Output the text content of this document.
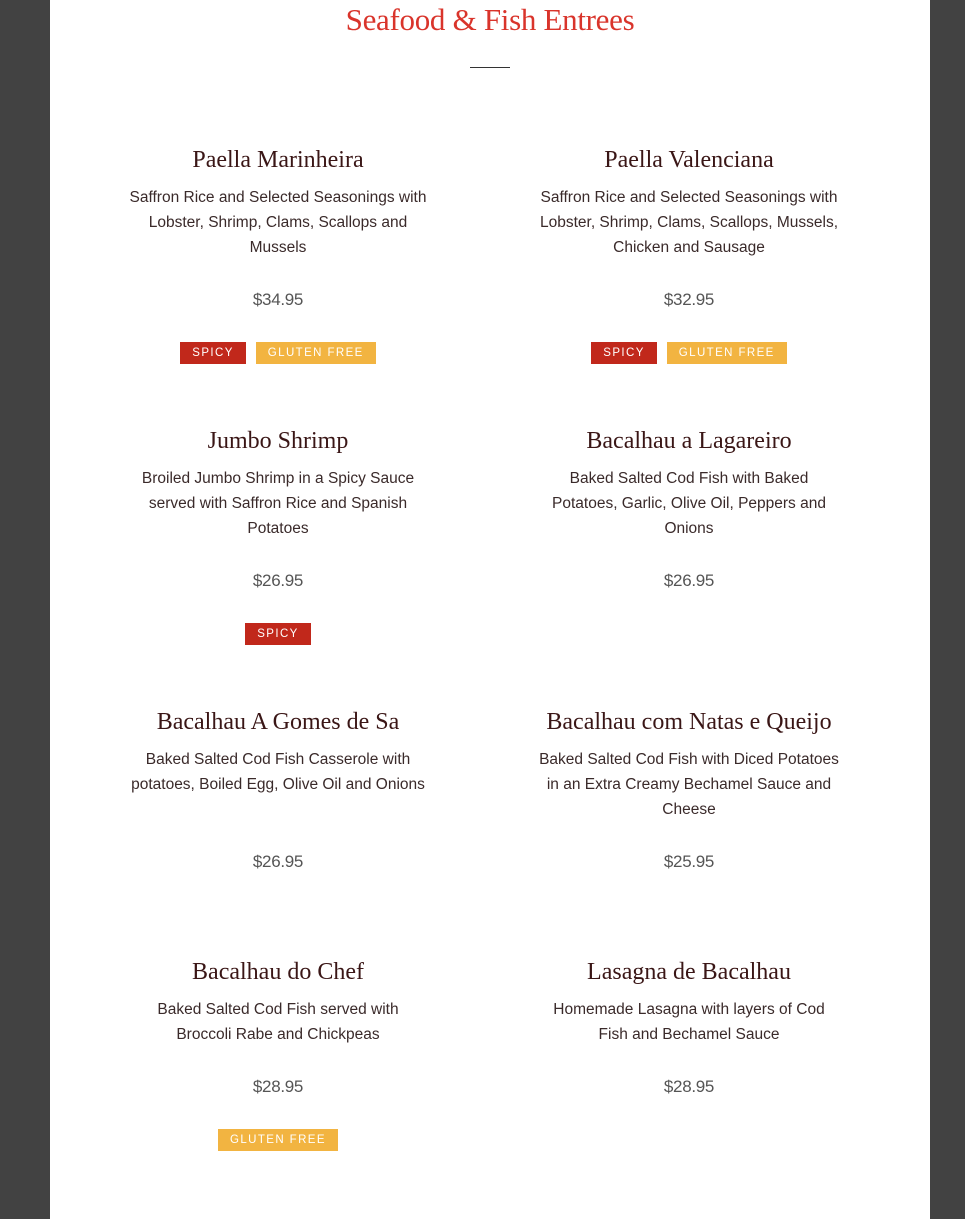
Seafood & Fish Entrees
Paella Marinheira

Saffron Rice and Selected Seasonings with Lobster, Shrimp, Clams, Scallops and Mussels

$34.95
SPICY	GLUTEN FREE
Paella Valenciana

Saffron Rice and Selected Seasonings with Lobster, Shrimp, Clams, Scallops, Mussels, Chicken and Sausage

$32.95
SPICY	GLUTEN FREE
Jumbo Shrimp

Broiled Jumbo Shrimp in a Spicy Sauce served with Saffron Rice and Spanish Potatoes

$26.95
SPICY
Bacalhau a Lagareiro

Baked Salted Cod Fish with Baked Potatoes, Garlic, Olive Oil, Peppers and Onions

$26.95
Bacalhau A Gomes de Sa

Baked Salted Cod Fish Casserole with potatoes, Boiled Egg, Olive Oil and Onions

$26.95
Bacalhau com Natas e Queijo

Baked Salted Cod Fish with Diced Potatoes in an Extra Creamy Bechamel Sauce and Cheese

$25.95
Bacalhau do Chef

Baked Salted Cod Fish served with Broccoli Rabe and Chickpeas

$28.95
GLUTEN FREE
Lasagna de Bacalhau

Homemade Lasagna with layers of Cod Fish and Bechamel Sauce

$28.95
